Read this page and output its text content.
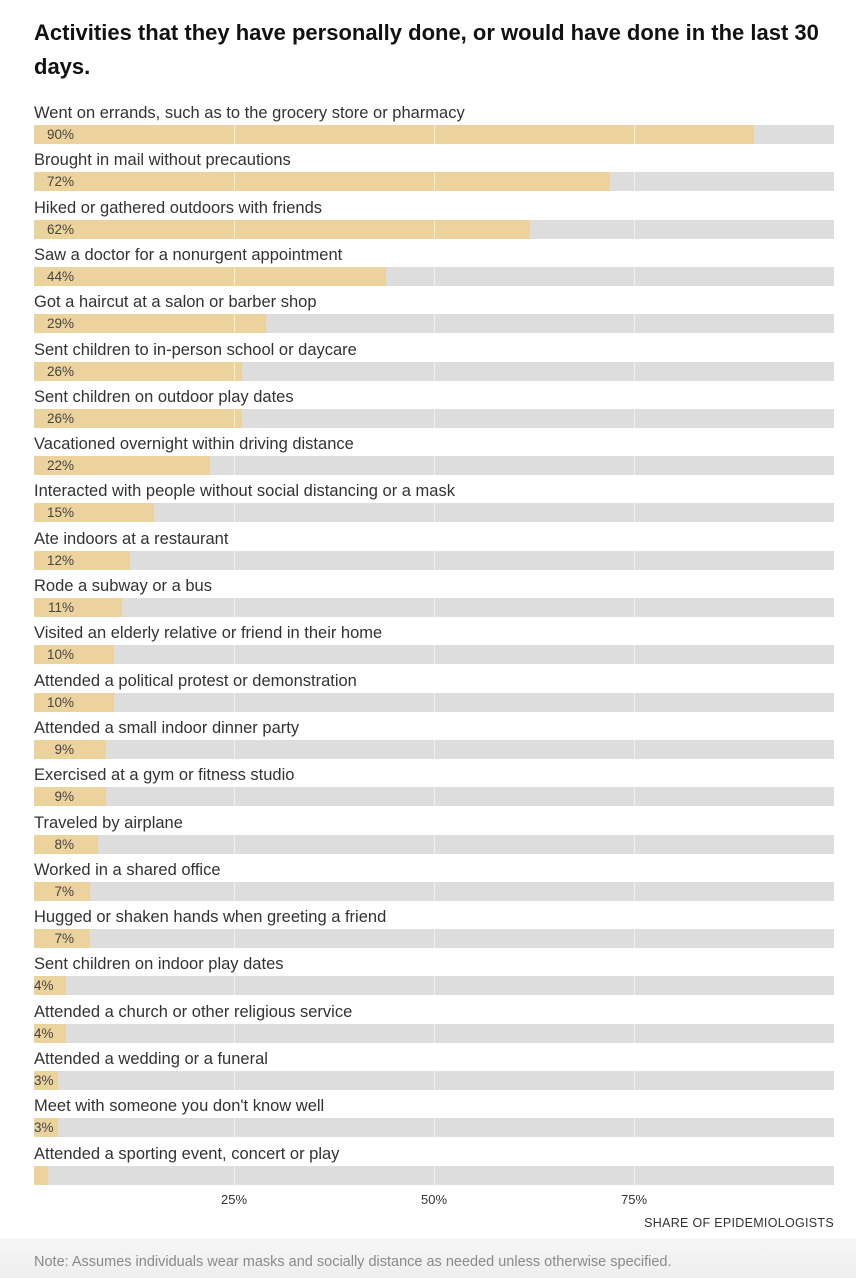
Activities that they have personally done, or would have done in the last 30 days.
Went on errands, such as to the grocery store or pharmacy
90%
Brought in mail without precautions
72%
Hiked or gathered outdoors with friends
62%
Saw a doctor for a nonurgent appointment
44%
Got a haircut at a salon or barber shop
29%
Sent children to in-person school or daycare
26%
Sent children on outdoor play dates
26%
Vacationed overnight within driving distance
22%
Interacted with people without social distancing or a mask
15%
Ate indoors at a restaurant
12%
Rode a subway or a bus
11%
Visited an elderly relative or friend in their home
10%
Attended a political protest or demonstration
10%
Attended a small indoor dinner party
9%
Exercised at a gym or fitness studio
9%
Traveled by airplane
8%
Worked in a shared office
7%
Hugged or shaken hands when greeting a friend
7%
Sent children on indoor play dates
4%
Attended a church or other religious service
4%
Attended a wedding or a funeral
3%
Meet with someone you don't know well
3%
Attended a sporting event, concert or play
25%	50%	75%
SHARE OF EPIDEMIOLOGISTS
Note: Assumes individuals wear masks and socially distance as needed unless otherwise specified.
